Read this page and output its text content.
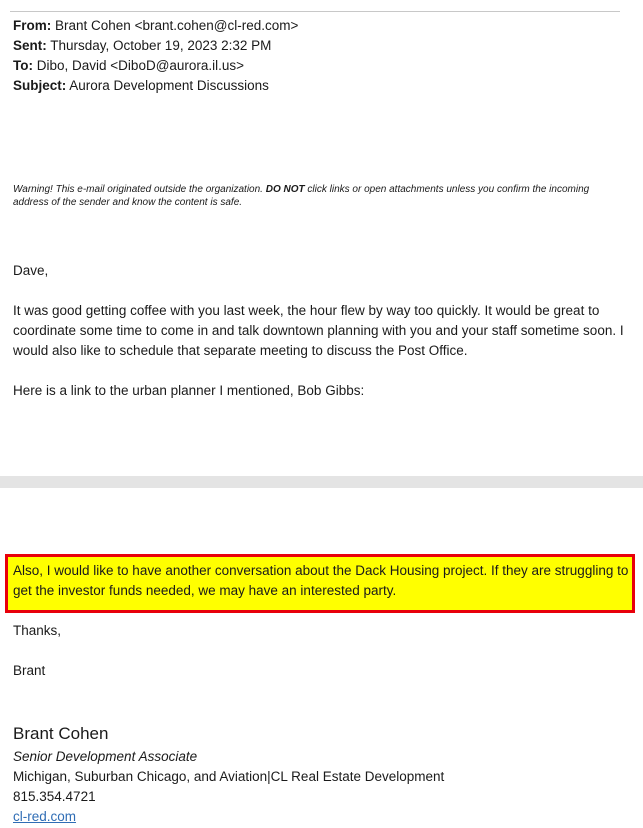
From: Brant Cohen <brant.cohen@cl-red.com>
Sent: Thursday, October 19, 2023 2:32 PM
To: Dibo, David <DiboD@aurora.il.us>
Subject: Aurora Development Discussions
Warning! This e-mail originated outside the organization. DO NOT click links or open attachments unless you confirm the incoming address of the sender and know the content is safe.
Dave,
It was good getting coffee with you last week, the hour flew by way too quickly. It would be great to coordinate some time to come in and talk downtown planning with you and your staff sometime soon. I would also like to schedule that separate meeting to discuss the Post Office.
Here is a link to the urban planner I mentioned, Bob Gibbs:
Also, I would like to have another conversation about the Dack Housing project. If they are struggling to get the investor funds needed, we may have an interested party.
Thanks,
Brant
Brant Cohen
Senior Development Associate
Michigan, Suburban Chicago, and Aviation|CL Real Estate Development
815.354.4721
cl-red.com
